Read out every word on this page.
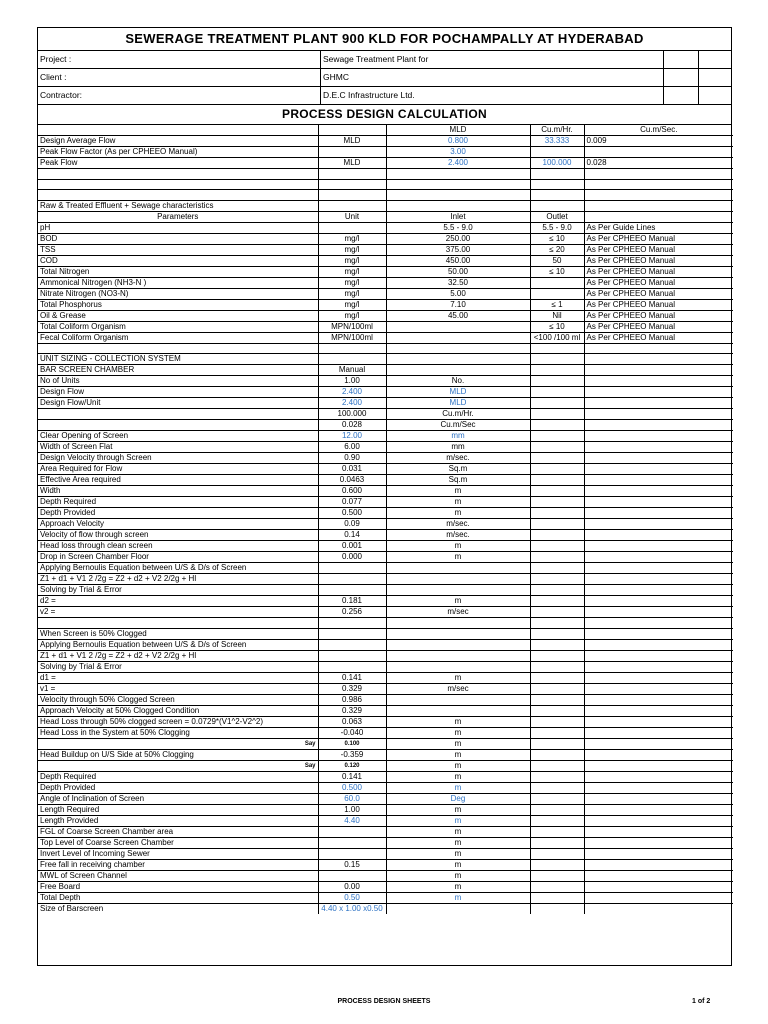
SEWERAGE TREATMENT PLANT 900 KLD FOR POCHAMPALLY AT HYDERABAD
Project :	Sewage Treatment Plant for
Client :	GHMC
Contractor:	D.E.C Infrastructure Ltd.
PROCESS DESIGN CALCULATION
		MLD	Cu.m/Hr.	Cu.m/Sec.
Design Average Flow	MLD	0.800	33.333	0.009
Peak Flow Factor (As per CPHEEO Manual)		3.00		
Peak Flow	MLD	2.400	100.000	0.028

Raw & Treated Effluent + Sewage characteristics				
Parameters	Unit	Inlet	Outlet	
pH		5.5 - 9.0	5.5 - 9.0	As Per Guide Lines
BOD	mg/l	250.00	≤ 10	As Per CPHEEO Manual
TSS	mg/l	375.00	≤ 20	As Per CPHEEO Manual
COD	mg/l	450.00	50	As Per CPHEEO Manual
Total Nitrogen	mg/l	50.00	≤ 10	As Per CPHEEO Manual
Ammonical Nitrogen (NH3-N )	mg/l	32.50		As Per CPHEEO Manual
Nitrate Nitrogen (NO3-N)	mg/l	5.00		As Per CPHEEO Manual
Total Phosphorus	mg/l	7.10	≤ 1	As Per CPHEEO Manual
Oil & Grease	mg/l	45.00	Nil	As Per CPHEEO Manual
Total Coliform Organism	MPN/100ml		≤ 10	As Per CPHEEO Manual
Fecal Coliform Organism	MPN/100ml		<100 /100 ml	As Per CPHEEO Manual

UNIT SIZING - COLLECTION SYSTEM				
BAR SCREEN CHAMBER	Manual			
No of Units	1.00	No.		
Design Flow	2.400	MLD		
Design Flow/Unit	2.400	MLD		
	100.000	Cu.m/Hr.		
	0.028	Cu.m/Sec		
Clear Opening of Screen	12.00	mm		
Width of Screen Flat	6.00	mm		
Design Velocity through Screen	0.90	m/sec.		
Area Required for Flow	0.031	Sq.m		
Effective Area required	0.0463	Sq.m		
Width	0.600	m		
Depth Required	0.077	m		
Depth Provided	0.500	m		
Approach Velocity	0.09	m/sec.		
Velocity of flow through screen	0.14	m/sec.		
Head loss through clean screen	0.001	m		
Drop in Screen Chamber Floor	0.000	m		
Applying Bernoulis Equation between U/S & D/s of Screen				
Z1 + d1 + V1 2 /2g = Z2 + d2 + V2 2/2g + Hl				
Solving by Trial & Error				
d2 =	0.181	m		
v2 =	0.256	m/sec		

When Screen is 50% Clogged				
Applying Bernoulis Equation between U/S & D/s of Screen				
Z1 + d1 + V1 2 /2g = Z2 + d2 + V2 2/2g + Hl				
Solving by Trial & Error				
d1 =	0.141	m		
v1 =	0.329	m/sec		
Velocity through 50% Clogged Screen	0.986			
Approach Velocity at 50% Clogged Condition	0.329			
Head Loss through 50% clogged screen = 0.0729*(V1^2-V2^2)	0.063	m		
Head Loss in the System at 50% Clogging	-0.040	m		
Say	0.100	m		
Head Buildup on U/S Side at 50% Clogging	-0.359	m		
Say	0.120	m		
Depth Required	0.141	m		
Depth Provided	0.500	m		
Angle of Inclination of Screen	60.0	Deg		
Length Required	1.00	m		
Length Provided	4.40	m		
FGL of Coarse Screen Chamber area		m		
Top Level of Coarse Screen Chamber		m		
Invert Level of Incoming Sewer		m		
Free fall in receiving chamber	0.15	m		
MWL of Screen Channel		m		
Free Board	0.00	m		
Total Depth	0.50	m		
Size of Barscreen	4.40 x 1.00 x0.50			
PROCESS DESIGN SHEETS	1 of 2
